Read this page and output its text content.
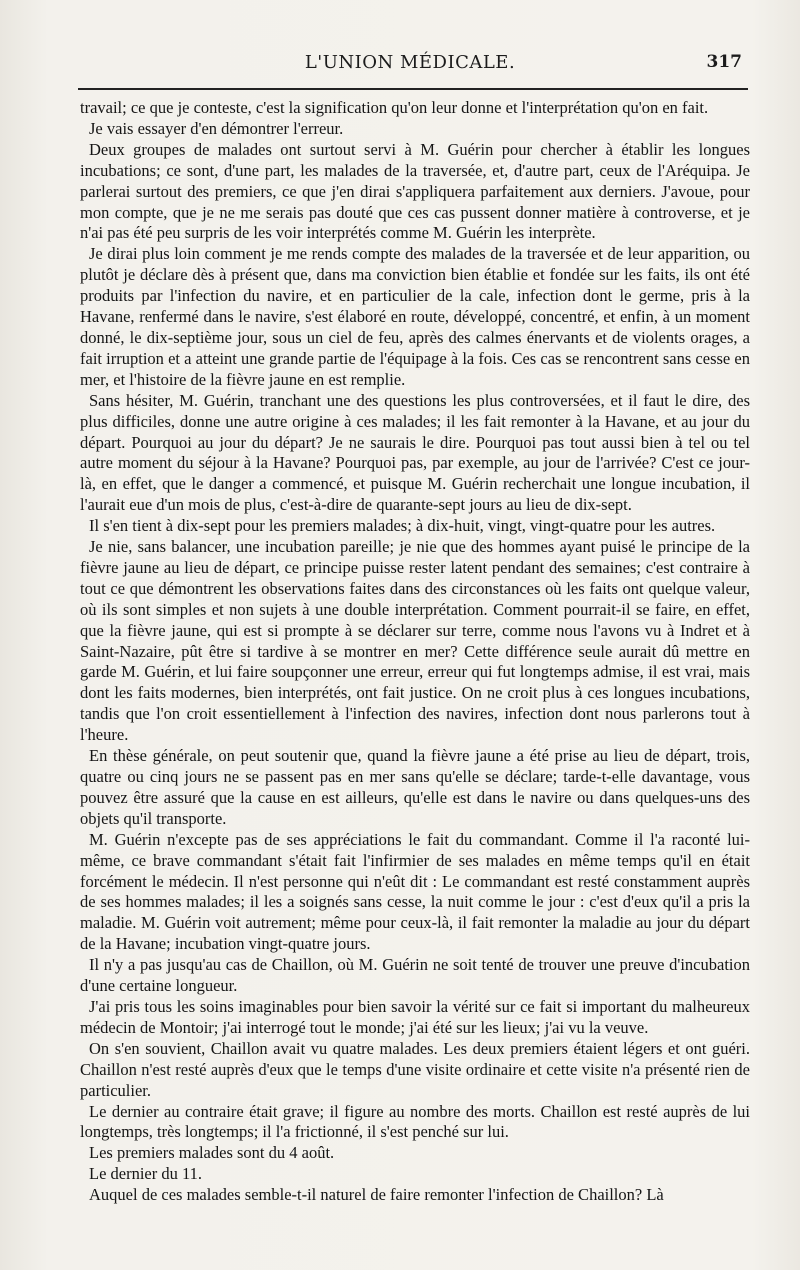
L'UNION MÉDICALE.	317

travail; ce que je conteste, c'est la signification qu'on leur donne et l'interprétation qu'on en fait.

Je vais essayer d'en démontrer l'erreur.

Deux groupes de malades ont surtout servi à M. Guérin pour chercher à établir les longues incubations; ce sont, d'une part, les malades de la traversée, et, d'autre part, ceux de l'Aréquipa. Je parlerai surtout des premiers, ce que j'en dirai s'appliquera parfaitement aux derniers. J'avoue, pour mon compte, que je ne me serais pas douté que ces cas pussent donner matière à controverse, et je n'ai pas été peu surpris de les voir interprétés comme M. Guérin les interprète.

Je dirai plus loin comment je me rends compte des malades de la traversée et de leur apparition, ou plutôt je déclare dès à présent que, dans ma conviction bien établie et fondée sur les faits, ils ont été produits par l'infection du navire, et en particulier de la cale, infection dont le germe, pris à la Havane, renfermé dans le navire, s'est élaboré en route, développé, concentré, et enfin, à un moment donné, le dix-septième jour, sous un ciel de feu, après des calmes énervants et de violents orages, a fait irruption et a atteint une grande partie de l'équipage à la fois. Ces cas se rencontrent sans cesse en mer, et l'histoire de la fièvre jaune en est remplie.

Sans hésiter, M. Guérin, tranchant une des questions les plus controversées, et il faut le dire, des plus difficiles, donne une autre origine à ces malades; il les fait remonter à la Havane, et au jour du départ. Pourquoi au jour du départ? Je ne saurais le dire. Pourquoi pas tout aussi bien à tel ou tel autre moment du séjour à la Havane? Pourquoi pas, par exemple, au jour de l'arrivée? C'est ce jour-là, en effet, que le danger a commencé, et puisque M. Guérin recherchait une longue incubation, il l'aurait eue d'un mois de plus, c'est-à-dire de quarante-sept jours au lieu de dix-sept.

Il s'en tient à dix-sept pour les premiers malades; à dix-huit, vingt, vingt-quatre pour les autres.

Je nie, sans balancer, une incubation pareille; je nie que des hommes ayant puisé le principe de la fièvre jaune au lieu de départ, ce principe puisse rester latent pendant des semaines; c'est contraire à tout ce que démontrent les observations faites dans des circonstances où les faits ont quelque valeur, où ils sont simples et non sujets à une double interprétation. Comment pourrait-il se faire, en effet, que la fièvre jaune, qui est si prompte à se déclarer sur terre, comme nous l'avons vu à Indret et à Saint-Nazaire, pût être si tardive à se montrer en mer? Cette différence seule aurait dû mettre en garde M. Guérin, et lui faire soupçonner une erreur, erreur qui fut longtemps admise, il est vrai, mais dont les faits modernes, bien interprétés, ont fait justice. On ne croit plus à ces longues incubations, tandis que l'on croit essentiellement à l'infection des navires, infection dont nous parlerons tout à l'heure.

En thèse générale, on peut soutenir que, quand la fièvre jaune a été prise au lieu de départ, trois, quatre ou cinq jours ne se passent pas en mer sans qu'elle se déclare; tarde-t-elle davantage, vous pouvez être assuré que la cause en est ailleurs, qu'elle est dans le navire ou dans quelques-uns des objets qu'il transporte.

M. Guérin n'excepte pas de ses appréciations le fait du commandant. Comme il l'a raconté lui-même, ce brave commandant s'était fait l'infirmier de ses malades en même temps qu'il en était forcément le médecin. Il n'est personne qui n'eût dit : Le commandant est resté constamment auprès de ses hommes malades; il les a soignés sans cesse, la nuit comme le jour : c'est d'eux qu'il a pris la maladie. M. Guérin voit autrement; même pour ceux-là, il fait remonter la maladie au jour du départ de la Havane; incubation vingt-quatre jours.

Il n'y a pas jusqu'au cas de Chaillon, où M. Guérin ne soit tenté de trouver une preuve d'incubation d'une certaine longueur.

J'ai pris tous les soins imaginables pour bien savoir la vérité sur ce fait si important du malheureux médecin de Montoir; j'ai interrogé tout le monde; j'ai été sur les lieux; j'ai vu la veuve.

On s'en souvient, Chaillon avait vu quatre malades. Les deux premiers étaient légers et ont guéri. Chaillon n'est resté auprès d'eux que le temps d'une visite ordinaire et cette visite n'a présenté rien de particulier.

Le dernier au contraire était grave; il figure au nombre des morts. Chaillon est resté auprès de lui longtemps, très longtemps; il l'a frictionné, il s'est penché sur lui.

Les premiers malades sont du 4 août.

Le dernier du 11.

Auquel de ces malades semble-t-il naturel de faire remonter l'infection de Chaillon? Là
